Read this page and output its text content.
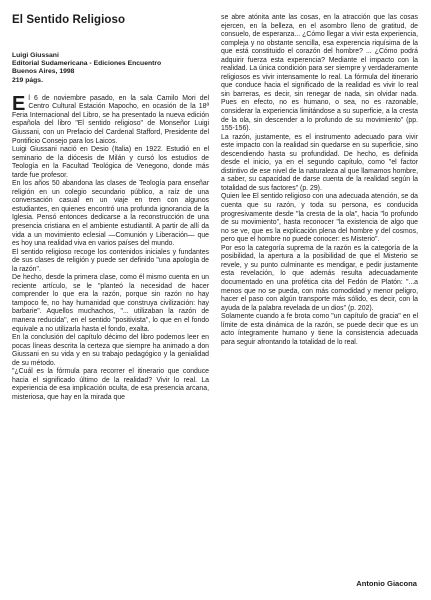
El Sentido Religioso
Luigi Giussani
Editorial Sudamericana - Ediciones Encuentro
Buenos Aires, 1998
219 págs.

El 6 de noviembre pasado, en la sala Camilo Mori del Centro Cultural Estación Mapocho, en ocasión de la 18ª Feria Internacional del Libro, se ha presentado la nueva edición española del libro "El sentido religioso" de Monseñor Luigi Giussani, con un Prefacio del Cardenal Stafford, Presidente del Pontificio Consejo para los Laicos.

Luigi Giussani nació en Desio (Italia) en 1922. Estudió en el seminario de la diócesis de Milán y cursó los estudios de Teología en la Facultad Teológica de Venegono, donde más tarde fue profesor.

En los años 50 abandona las clases de Teología para enseñar religión en un colegio secundario público, a raíz de una conversación casual en un viaje en tren con algunos estudiantes, en quienes encontró una profunda ignorancia de la Iglesia. Pensó entonces dedicarse a la reconstrucción de una presencia cristiana en el ambiente estudiantil. A partir de allí da vida a un movimiento eclesial —Comunión y Liberación— que es hoy una realidad viva en varios países del mundo.

El sentido religioso recoge los contenidos iniciales y fundantes de sus clases de religión y puede ser definido "una apología de la razón".

De hecho, desde la primera clase, como él mismo cuenta en un reciente artículo, se le "planteó la necesidad de hacer comprender lo que era la razón, porque sin razón no hay tampoco fe, no hay humanidad que construya civilización: hay barbarie". Aquellos muchachos, "... utilizaban la razón de manera reducida", en el sentido "positivista", lo que en el fondo equivale a no utilizarla hasta el fondo, exalta.

En la conclusión del capítulo décimo del libro podemos leer en pocas líneas descrita la certeza que siempre ha animado a don Giussani en su vida y en su trabajo pedagógico y la genialidad de su método.

"¿Cuál es la fórmula para recorrer el itinerario que conduce hacia el significado último de la realidad? Vivir lo real. La experiencia de esa implicación oculta, de esa presencia arcana, misteriosa, que hay en la mirada que

se abre atónita ante las cosas, en la atracción que las cosas ejercen, en la belleza, en el asombro lleno de gratitud, de consuelo, de esperanza... ¿Cómo llegar a vivir esta experiencia, compleja y no obstante sencilla, esa experencia riquísima de la que está constituido el corazón del hombre? ... ¿Cómo podrá adquirir fuerza esta experencia? Mediante el impacto con la realidad. La única condición para ser siempre y verdaderamente religiosos es vivir intensamente lo real. La fórmula del itinerario que conduce hacia el significado de la realidad es vivir lo real sin barreras, es decir, sin renegar de nada, sin olvidar nada. Pues en efecto, no es humano, o sea, no es razonable, considerar la experiencia limitándose a su superficie, a la cresta de la ola, sin descender a lo profundo de su movimiento" (pp. 155-156).

La razón, justamente, es el instrumento adecuado para vivir este impacto con la realidad sin quedarse en su superficie, sino descendiendo hasta su profundidad. De hecho, es definida desde el inicio, ya en el segundo capítulo, como "el factor distintivo de ese nivel de la naturaleza al que llamamos hombre, a saber, su capacidad de darse cuenta de la realidad según la totalidad de sus factores" (p. 29).

Quien lee El sentido religioso con una adecuada atención, se da cuenta que su razón, y toda su persona, es conducida progresivamente desde "la cresta de la ola", hacia "lo profundo de su movimiento", hasta reconocer "la existencia de algo que no se ve, que es la explicación plena del hombre y del cosmos, pero que el hombre no puede conocer: es Misterio".

Por eso la categoría suprema de la razón es la categoría de la posibilidad, la apertura a la posibilidad de que el Misterio se revele, y su punto culminante es mendigar, e pedir justamente esta revelación, lo que además resulta adecuadamente documentado en una profética cita del Fedón de Platón: "...a menos que no se pueda, con más comodidad y menor peligro, hacer el paso con algún transporte más sólido, es decir, con la ayuda de la palabra revelada de un dios" (p. 202).

Solamente cuando a fe brota como "un capítulo de gracia" en el límite de esta dinámica de la razón, se puede decir que es un acto íntegramente humano y tiene la consistencia adecuada para seguir afrontando la totalidad de lo real.

Antonio Giacona
